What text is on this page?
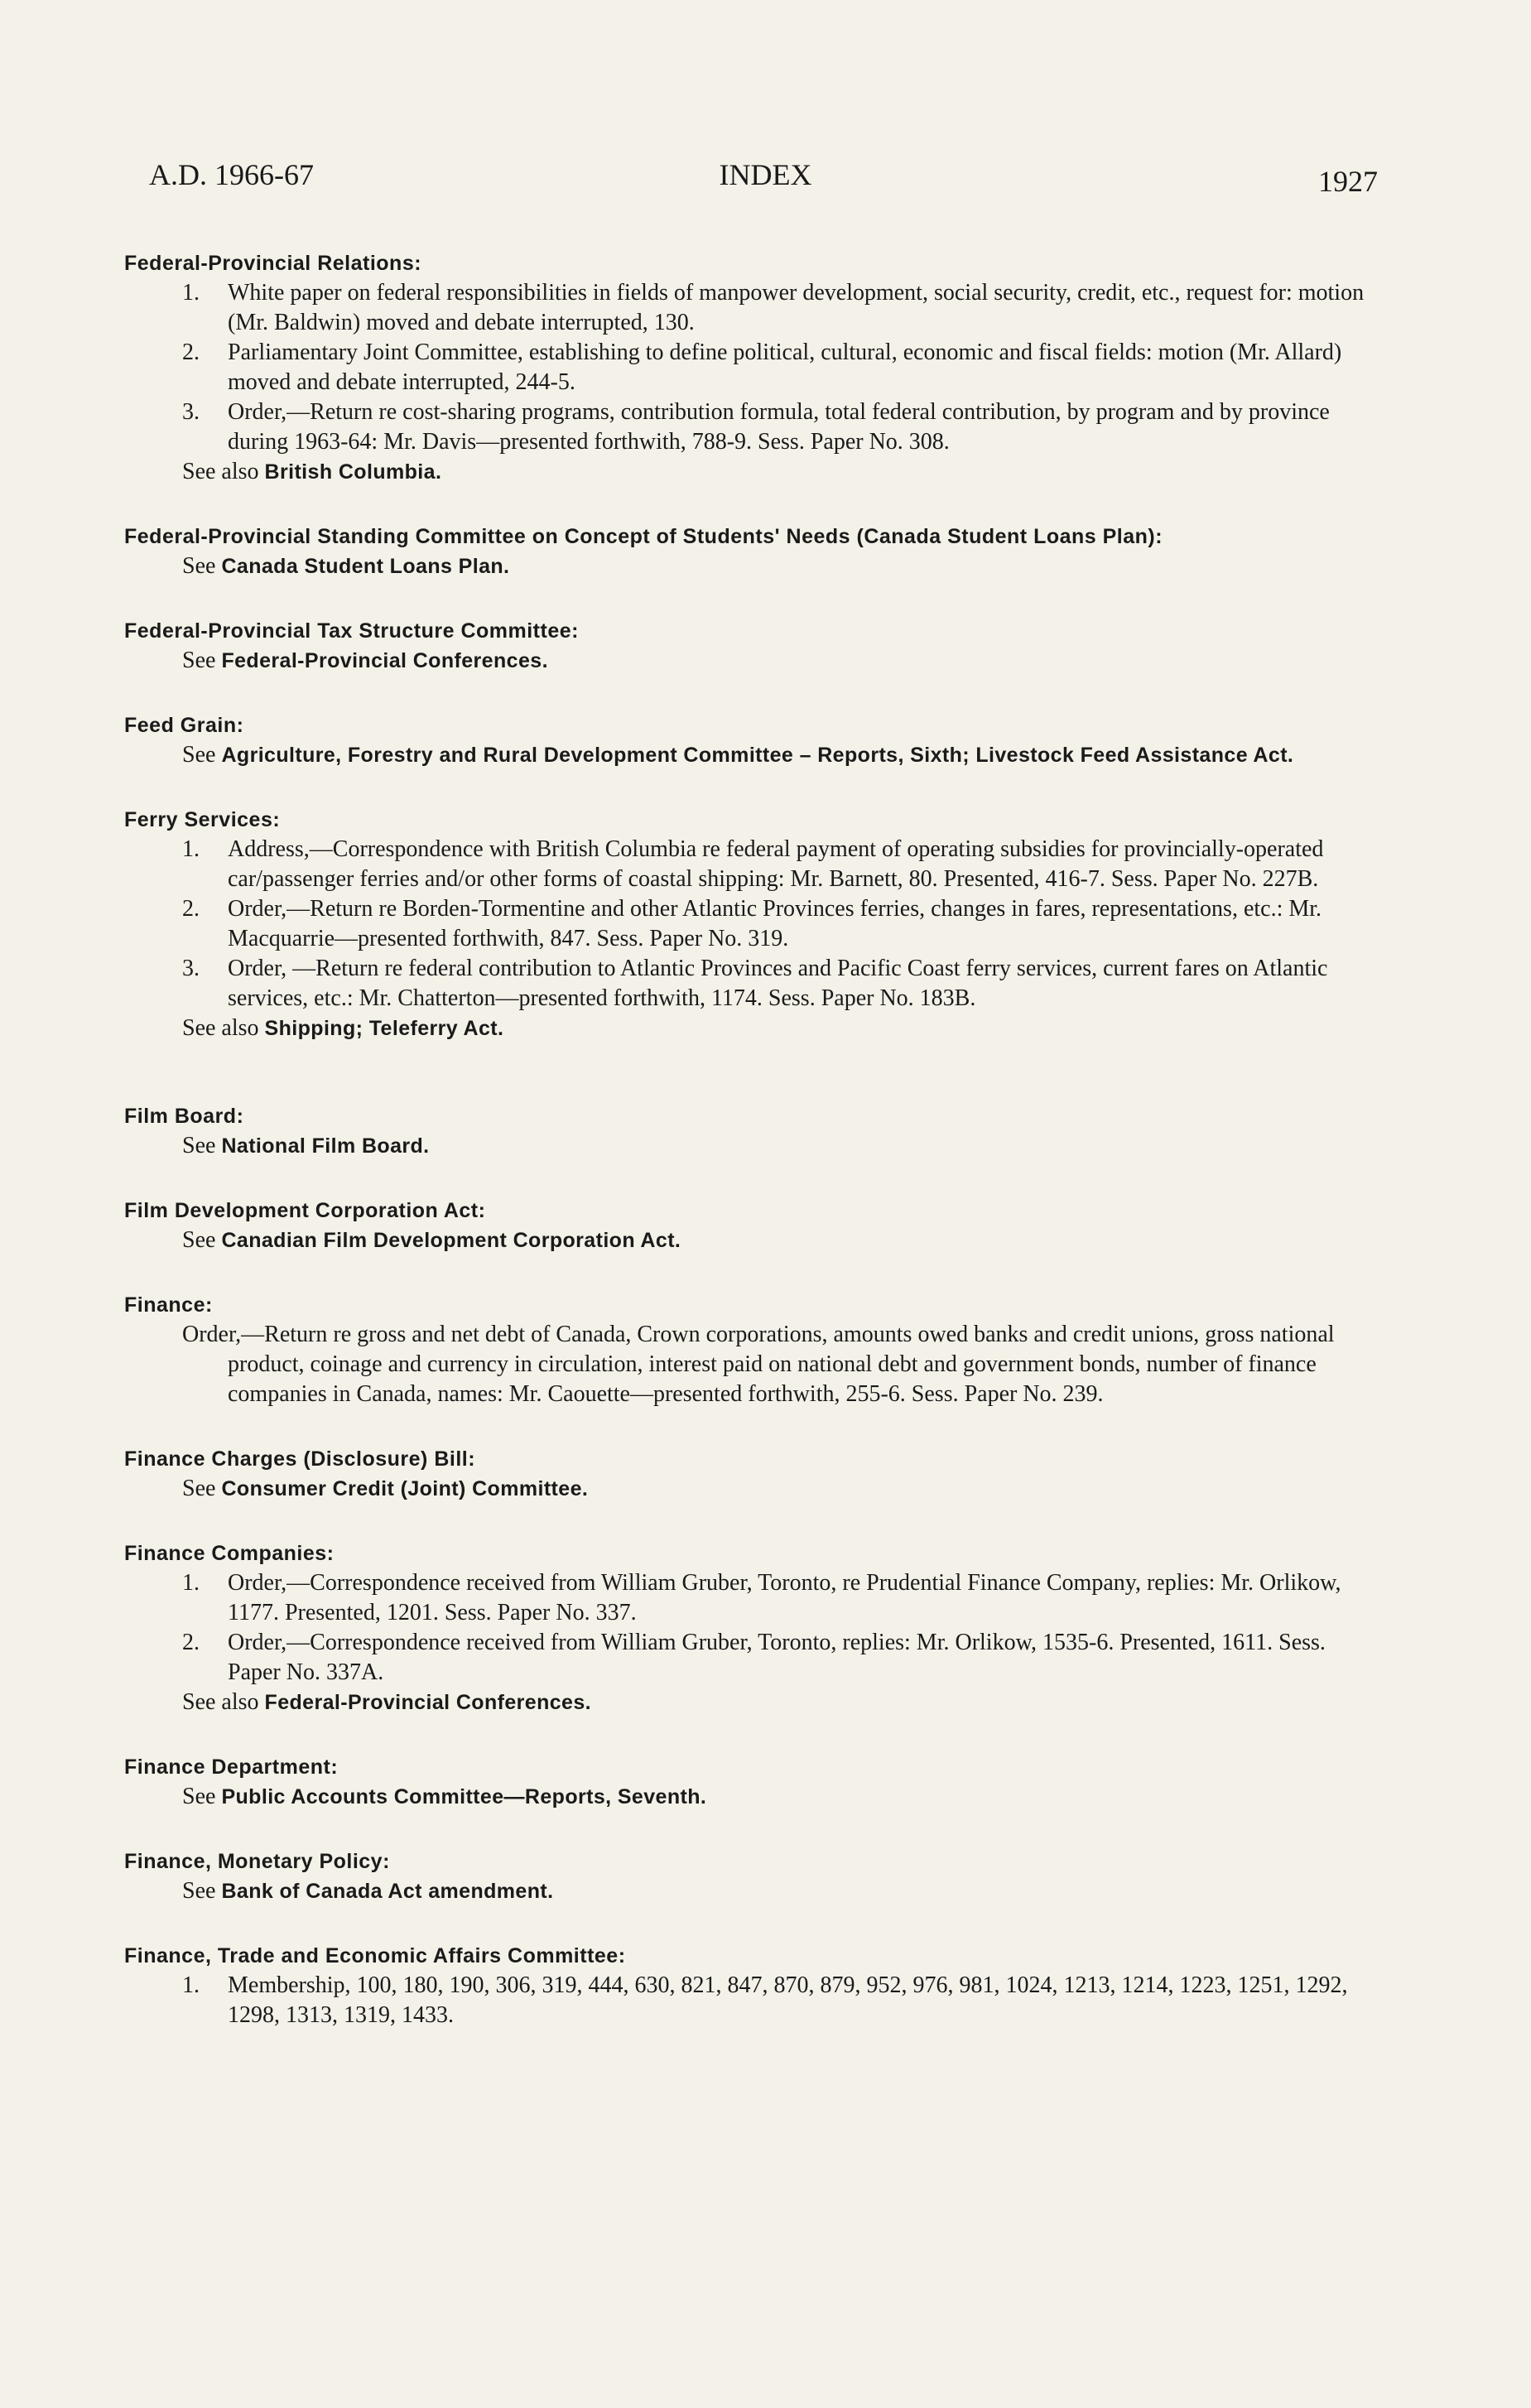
A.D. 1966-67	INDEX	1927
Federal-Provincial Relations:
1. White paper on federal responsibilities in fields of manpower development, social security, credit, etc., request for: motion (Mr. Baldwin) moved and debate interrupted, 130.
2. Parliamentary Joint Committee, establishing to define political, cultural, economic and fiscal fields: motion (Mr. Allard) moved and debate interrupted, 244-5.
3. Order,—Return re cost-sharing programs, contribution formula, total federal contribution, by program and by province during 1963-64: Mr. Davis—presented forthwith, 788-9. Sess. Paper No. 308.
See also British Columbia.
Federal-Provincial Standing Committee on Concept of Students' Needs (Canada Student Loans Plan):
See Canada Student Loans Plan.
Federal-Provincial Tax Structure Committee:
See Federal-Provincial Conferences.
Feed Grain:
See Agriculture, Forestry and Rural Development Committee – Reports, Sixth; Livestock Feed Assistance Act.
Ferry Services:
1. Address,—Correspondence with British Columbia re federal payment of operating subsidies for provincially-operated car/passenger ferries and/or other forms of coastal shipping: Mr. Barnett, 80. Presented, 416-7. Sess. Paper No. 227B.
2. Order,—Return re Borden-Tormentine and other Atlantic Provinces ferries, changes in fares, representations, etc.: Mr. Macquarrie—presented forthwith, 847. Sess. Paper No. 319.
3. Order, —Return re federal contribution to Atlantic Provinces and Pacific Coast ferry services, current fares on Atlantic services, etc.: Mr. Chatterton—presented forthwith, 1174. Sess. Paper No. 183B.
See also Shipping; Teleferry Act.
Film Board:
See National Film Board.
Film Development Corporation Act:
See Canadian Film Development Corporation Act.
Finance:
Order,—Return re gross and net debt of Canada, Crown corporations, amounts owed banks and credit unions, gross national product, coinage and currency in circulation, interest paid on national debt and government bonds, number of finance companies in Canada, names: Mr. Caouette—presented forthwith, 255-6. Sess. Paper No. 239.
Finance Charges (Disclosure) Bill:
See Consumer Credit (Joint) Committee.
Finance Companies:
1. Order,—Correspondence received from William Gruber, Toronto, re Prudential Finance Company, replies: Mr. Orlikow, 1177. Presented, 1201. Sess. Paper No. 337.
2. Order,—Correspondence received from William Gruber, Toronto, replies: Mr. Orlikow, 1535-6. Presented, 1611. Sess. Paper No. 337A.
See also Federal-Provincial Conferences.
Finance Department:
See Public Accounts Committee—Reports, Seventh.
Finance, Monetary Policy:
See Bank of Canada Act amendment.
Finance, Trade and Economic Affairs Committee:
1. Membership, 100, 180, 190, 306, 319, 444, 630, 821, 847, 870, 879, 952, 976, 981, 1024, 1213, 1214, 1223, 1251, 1292, 1298, 1313, 1319, 1433.
